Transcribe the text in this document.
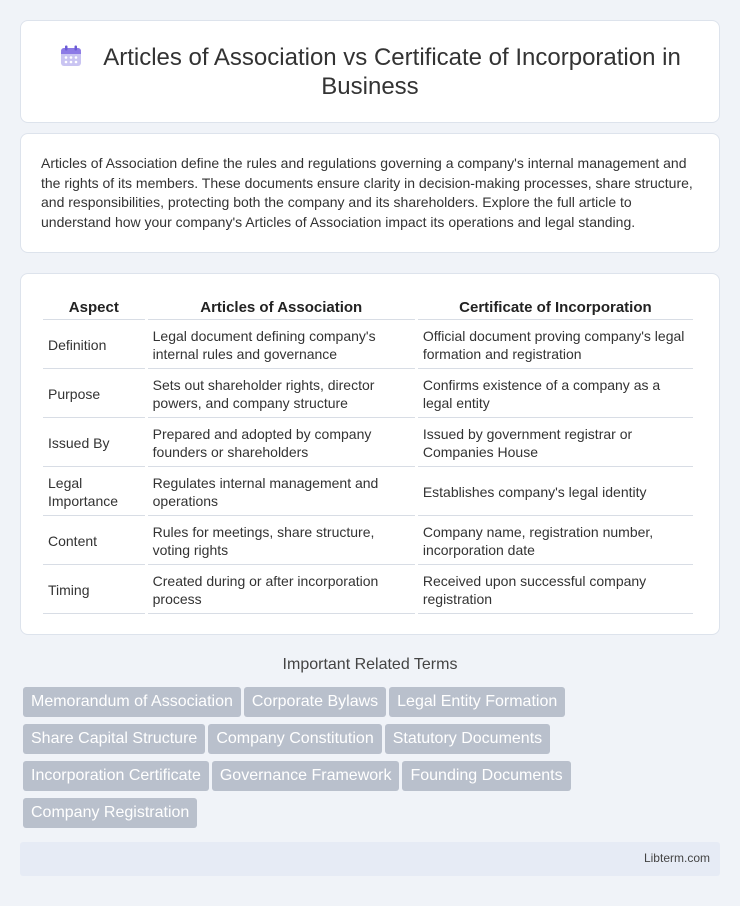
Articles of Association vs Certificate of Incorporation in Business

Articles of Association define the rules and regulations governing a company's internal management and the rights of its members. These documents ensure clarity in decision-making processes, share structure, and responsibilities, protecting both the company and its shareholders. Explore the full article to understand how your company's Articles of Association impact its operations and legal standing.

Aspect	Articles of Association	Certificate of Incorporation
Definition	Legal document defining company's internal rules and governance	Official document proving company's legal formation and registration
Purpose	Sets out shareholder rights, director powers, and company structure	Confirms existence of a company as a legal entity
Issued By	Prepared and adopted by company founders or shareholders	Issued by government registrar or Companies House
Legal Importance	Regulates internal management and operations	Establishes company's legal identity
Content	Rules for meetings, share structure, voting rights	Company name, registration number, incorporation date
Timing	Created during or after incorporation process	Received upon successful company registration
Important Related Terms
Memorandum of Association Corporate Bylaws Legal Entity Formation
Share Capital Structure Company Constitution Statutory Documents
Incorporation Certificate Governance Framework Founding Documents
Company Registration
Libterm.com
